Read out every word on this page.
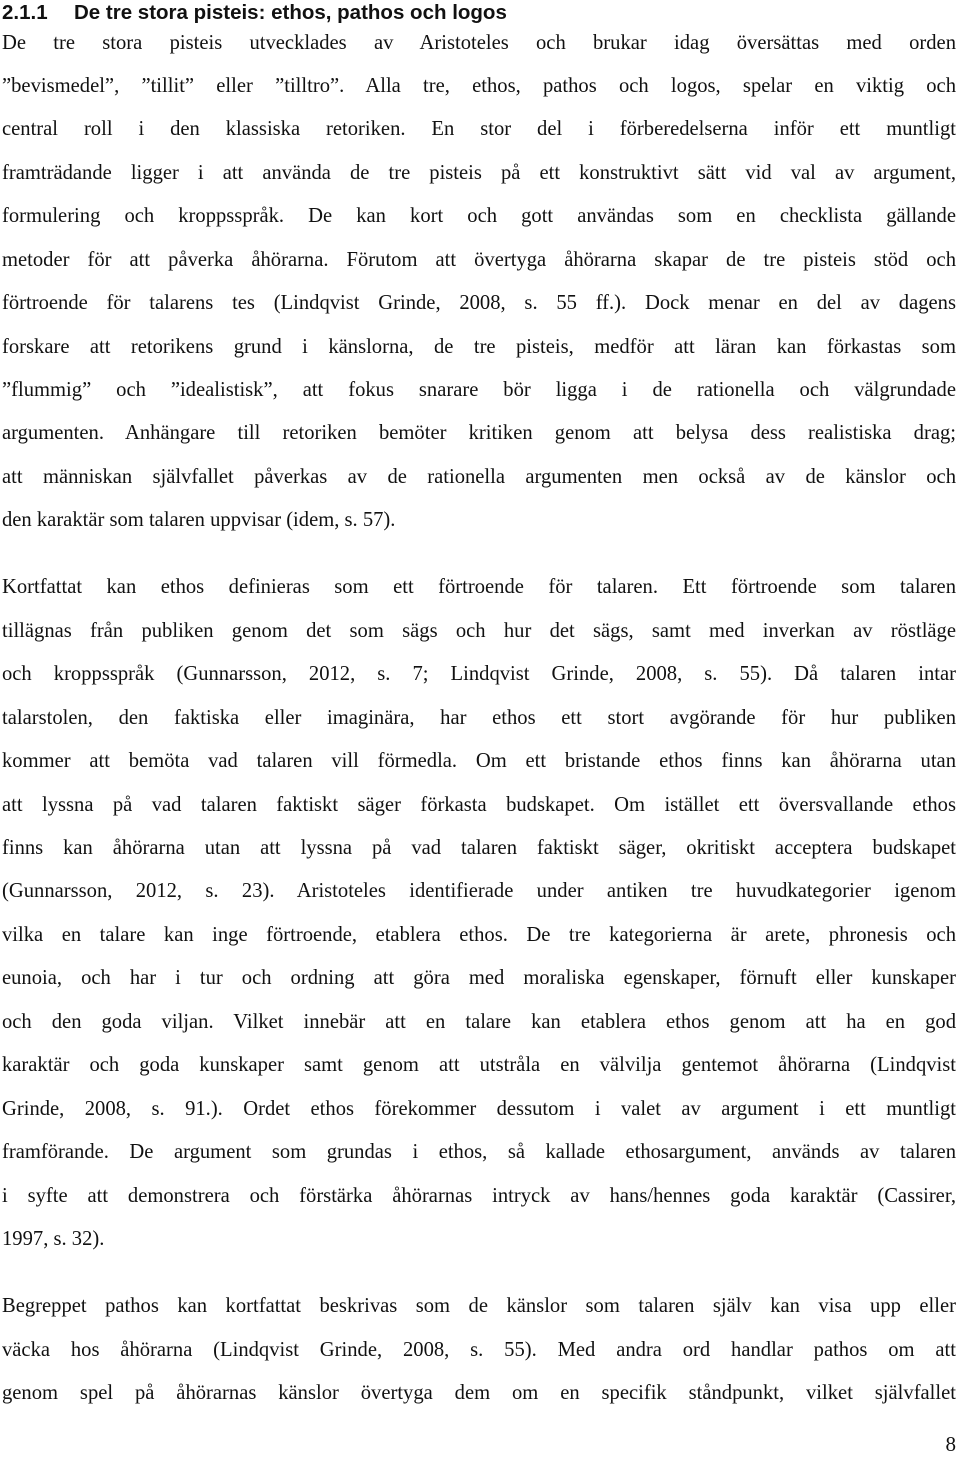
2.1.1 De tre stora pisteis: ethos, pathos och logos
De tre stora pisteis utvecklades av Aristoteles och brukar idag översättas med orden
”bevismedel”, ”tillit” eller ”tilltro”. Alla tre, ethos, pathos och logos, spelar en viktig och
central roll i den klassiska retoriken. En stor del i förberedelserna inför ett muntligt
framträdande ligger i att använda de tre pisteis på ett konstruktivt sätt vid val av argument,
formulering och kroppsspråk. De kan kort och gott användas som en checklista gällande
metoder för att påverka åhörarna. Förutom att övertyga åhörarna skapar de tre pisteis stöd och
förtroende för talarens tes (Lindqvist Grinde, 2008, s. 55 ff.). Dock menar en del av dagens
forskare att retorikens grund i känslorna, de tre pisteis, medför att läran kan förkastas som
”flummig” och ”idealistisk”, att fokus snarare bör ligga i de rationella och välgrundade
argumenten. Anhängare till retoriken bemöter kritiken genom att belysa dess realistiska drag;
att människan självfallet påverkas av de rationella argumenten men också av de känslor och
den karaktär som talaren uppvisar (idem, s. 57).
Kortfattat kan ethos definieras som ett förtroende för talaren. Ett förtroende som talaren
tillägnas från publiken genom det som sägs och hur det sägs, samt med inverkan av röstläge
och kroppsspråk (Gunnarsson, 2012, s. 7; Lindqvist Grinde, 2008, s. 55). Då talaren intar
talarstolen, den faktiska eller imaginära, har ethos ett stort avgörande för hur publiken
kommer att bemöta vad talaren vill förmedla. Om ett bristande ethos finns kan åhörarna utan
att lyssna på vad talaren faktiskt säger förkasta budskapet. Om istället ett översvallande ethos
finns kan åhörarna utan att lyssna på vad talaren faktiskt säger, okritiskt acceptera budskapet
(Gunnarsson, 2012, s. 23). Aristoteles identifierade under antiken tre huvudkategorier igenom
vilka en talare kan inge förtroende, etablera ethos. De tre kategorierna är arete, phronesis och
eunoia, och har i tur och ordning att göra med moraliska egenskaper, förnuft eller kunskaper
och den goda viljan. Vilket innebär att en talare kan etablera ethos genom att ha en god
karaktär och goda kunskaper samt genom att utstråla en välvilja gentemot åhörarna (Lindqvist
Grinde, 2008, s. 91.). Ordet ethos förekommer dessutom i valet av argument i ett muntligt
framförande. De argument som grundas i ethos, så kallade ethosargument, används av talaren
i syfte att demonstrera och förstärka åhörarnas intryck av hans/hennes goda karaktär (Cassirer,
1997, s. 32).
Begreppet pathos kan kortfattat beskrivas som de känslor som talaren själv kan visa upp eller
väcka hos åhörarna (Lindqvist Grinde, 2008, s. 55). Med andra ord handlar pathos om att
genom spel på åhörarnas känslor övertyga dem om en specifik ståndpunkt, vilket självfallet
8
